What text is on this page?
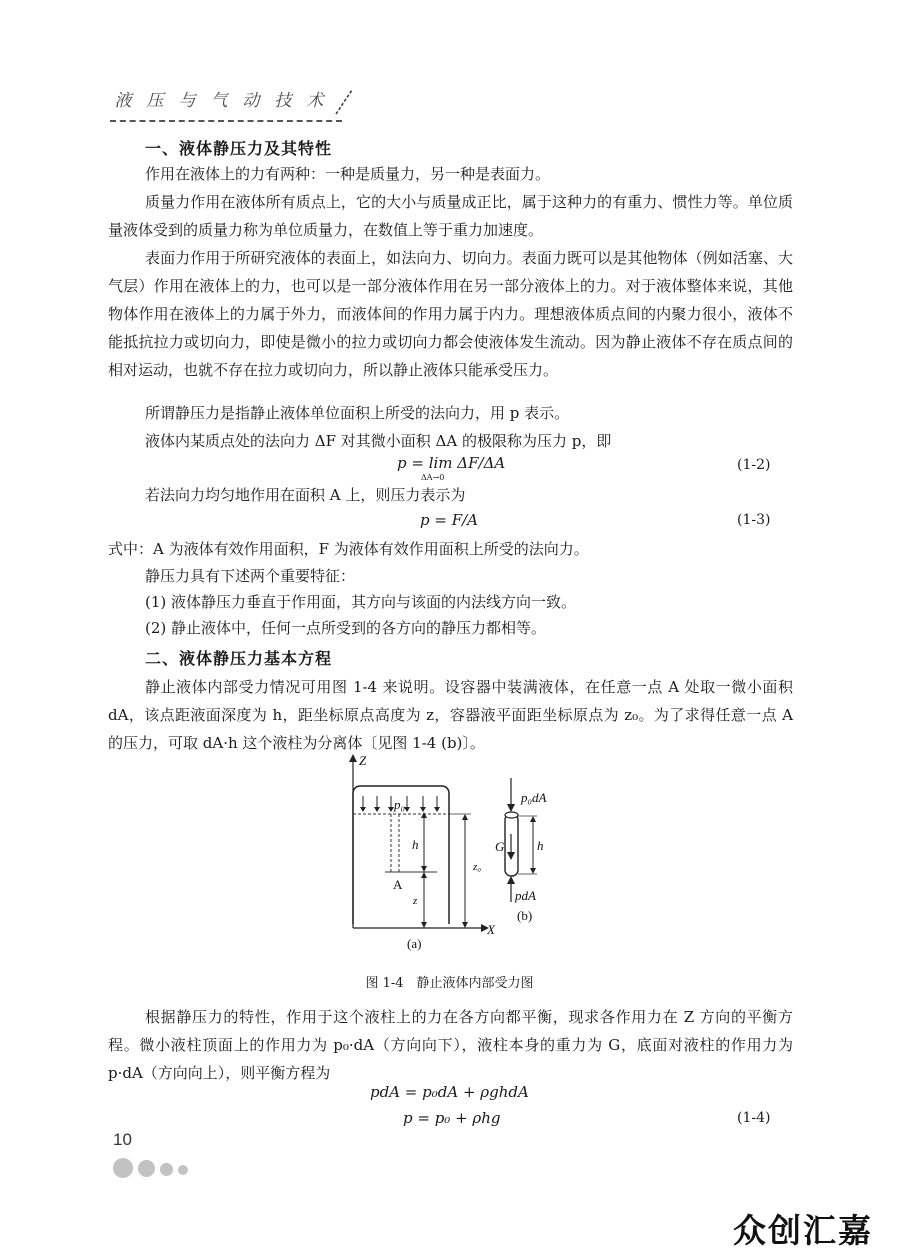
液 压 与 气 动 技 术
一、液体静压力及其特性
作用在液体上的力有两种：一种是质量力，另一种是表面力。
质量力作用在液体所有质点上，它的大小与质量成正比，属于这种力的有重力、惯性力等。单位质量液体受到的质量力称为单位质量力，在数值上等于重力加速度。
表面力作用于所研究液体的表面上，如法向力、切向力。表面力既可以是其他物体（例如活塞、大气层）作用在液体上的力，也可以是一部分液体作用在另一部分液体上的力。对于液体整体来说，其他物体作用在液体上的力属于外力，而液体间的作用力属于内力。理想液体质点间的内聚力很小，液体不能抵抗拉力或切向力，即使是微小的拉力或切向力都会使液体发生流动。因为静止液体不存在质点间的相对运动，也就不存在拉力或切向力，所以静止液体只能承受压力。
所谓静压力是指静止液体单位面积上所受的法向力，用 p 表示。
液体内某质点处的法向力 ΔF 对其微小面积 ΔA 的极限称为压力 p，即
p = lim ΔF/ΔA
ΔA→0
(1-2)
若法向力均匀地作用在面积 A 上，则压力表示为
p = F/A	(1-3)
式中：A 为液体有效作用面积，F 为液体有效作用面积上所受的法向力。
静压力具有下述两个重要特征：
(1) 液体静压力垂直于作用面，其方向与该面的内法线方向一致。
(2) 静止液体中，任何一点所受到的各方向的静压力都相等。
二、液体静压力基本方程
静止液体内部受力情况可用图 1-4 来说明。设容器中装满液体，在任意一点 A 处取一微小面积 dA，该点距液面深度为 h，距坐标原点高度为 z，容器液平面距坐标原点为 z₀。为了求得任意一点 A 的压力，可取 dA·h 这个液柱为分离体〔见图 1-4 (b)〕。
Z
X
p₀
h
A
z
z₀
(a)
p₀dA
G	h
pdA
(b)
图 1-4　静止液体内部受力图
根据静压力的特性，作用于这个液柱上的力在各方向都平衡，现求各作用力在 Z 方向的平衡方程。微小液柱顶面上的作用力为 p₀·dA（方向向下），液柱本身的重力为 G，底面对液柱的作用力为 p·dA（方向向上），则平衡方程为
pdA = p₀dA + ρghdA
p = p₀ + ρhg	(1-4)
10
众创汇嘉
